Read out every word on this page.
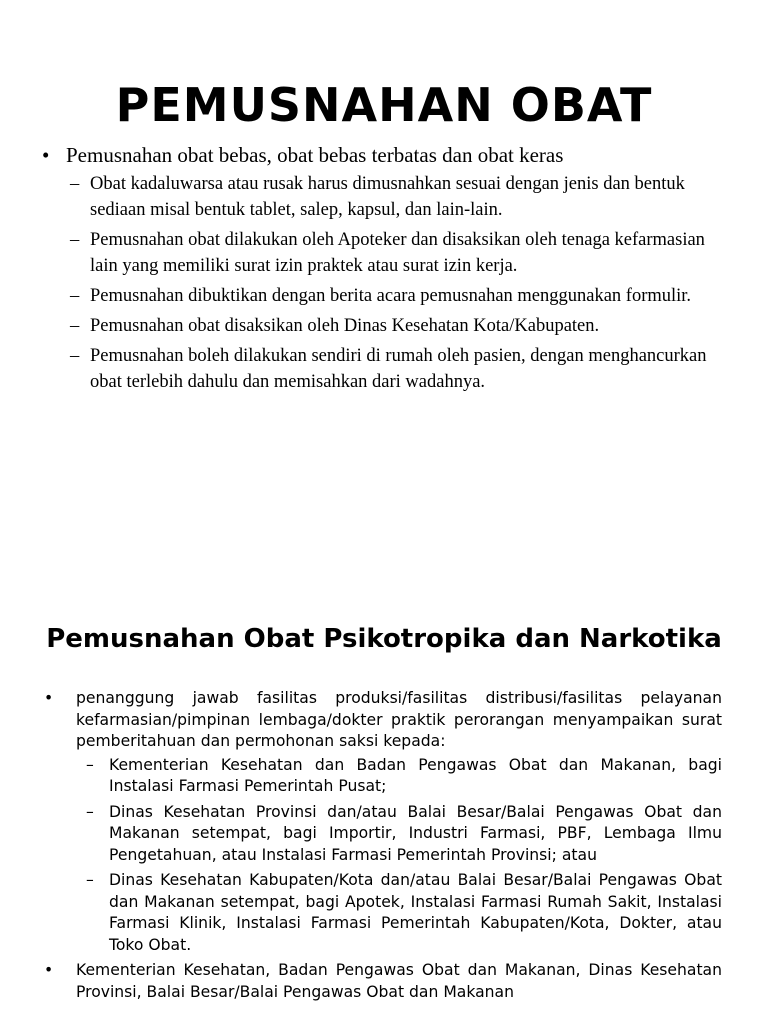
PEMUSNAHAN OBAT
• Pemusnahan obat bebas, obat bebas terbatas dan obat keras
– Obat kadaluwarsa atau rusak harus dimusnahkan sesuai dengan jenis dan bentuk sediaan misal bentuk tablet, salep, kapsul, dan lain-lain.
– Pemusnahan obat dilakukan oleh Apoteker dan disaksikan oleh tenaga kefarmasian lain yang memiliki surat izin praktek atau surat izin kerja.
– Pemusnahan dibuktikan dengan berita acara pemusnahan menggunakan formulir.
– Pemusnahan obat disaksikan oleh Dinas Kesehatan Kota/Kabupaten.
– Pemusnahan boleh dilakukan sendiri di rumah oleh pasien, dengan menghancurkan obat terlebih dahulu dan memisahkan dari wadahnya.
Pemusnahan Obat Psikotropika dan Narkotika
• penanggung jawab fasilitas produksi/fasilitas distribusi/fasilitas pelayanan kefarmasian/pimpinan lembaga/dokter praktik perorangan menyampaikan surat pemberitahuan dan permohonan saksi kepada:
– Kementerian Kesehatan dan Badan Pengawas Obat dan Makanan, bagi Instalasi Farmasi Pemerintah Pusat;
– Dinas Kesehatan Provinsi dan/atau Balai Besar/Balai Pengawas Obat dan Makanan setempat, bagi Importir, Industri Farmasi, PBF, Lembaga Ilmu Pengetahuan, atau Instalasi Farmasi Pemerintah Provinsi; atau
– Dinas Kesehatan Kabupaten/Kota dan/atau Balai Besar/Balai Pengawas Obat dan Makanan setempat, bagi Apotek, Instalasi Farmasi Rumah Sakit, Instalasi Farmasi Klinik, Instalasi Farmasi Pemerintah Kabupaten/Kota, Dokter, atau Toko Obat.
• Kementerian Kesehatan, Badan Pengawas Obat dan Makanan, Dinas Kesehatan Provinsi, Balai Besar/Balai Pengawas Obat dan Makanan
